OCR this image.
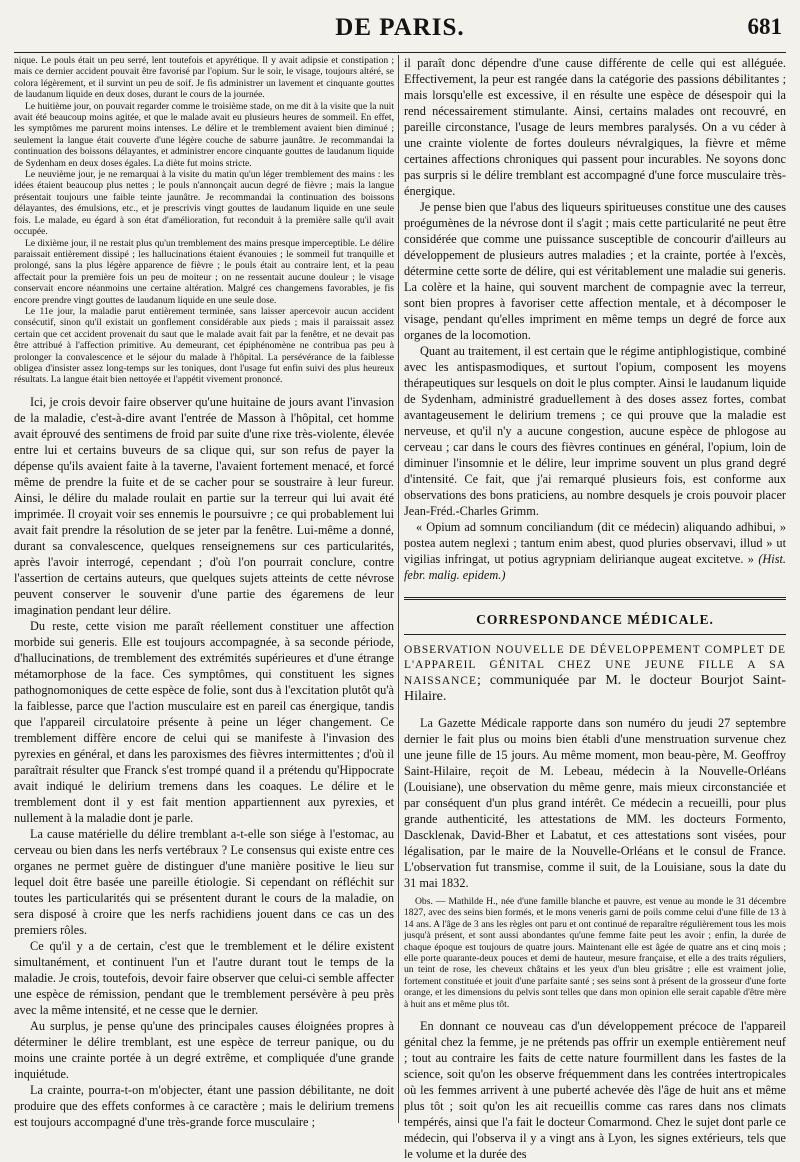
DE PARIS.	681

nique. Le pouls était un peu serré, lent toutefois et apyrétique. Il y avait adipsie et constipation ; mais ce dernier accident pouvait être favorisé par l'opium. Sur le soir, le visage, toujours altéré, se colora légèrement, et il survint un peu de soif. Je fis administrer un lavement et cinquante gouttes de laudanum liquide en deux doses, durant le cours de la journée.

Le huitième jour, on pouvait regarder comme le troisième stade, on me dit à la visite que la nuit avait été beaucoup moins agitée, et que le malade avait eu plusieurs heures de sommeil. En effet, les symptômes me parurent moins intenses. Le délire et le tremblement avaient bien diminué ; seulement la langue était couverte d'une légère couche de saburre jaunâtre. Je recommandai la continuation des boissons délayantes, et administrer encore cinquante gouttes de laudanum liquide de Sydenham en deux doses égales. La diète fut moins stricte.

Le neuvième jour, je ne remarquai à la visite du matin qu'un léger tremblement des mains : les idées étaient beaucoup plus nettes ; le pouls n'annonçait aucun degré de fièvre ; mais la langue présentait toujours une faible teinte jaunâtre. Je recommandai la continuation des boissons délayantes, des émulsions, etc., et je prescrivis vingt gouttes de laudanum liquide en une seule fois. Le malade, eu égard à son état d'amélioration, fut reconduit à la première salle qu'il avait occupée.

Le dixième jour, il ne restait plus qu'un tremblement des mains presque imperceptible. Le délire paraissait entièrement dissipé ; les hallucinations étaient évanouies ; le sommeil fut tranquille et prolongé, sans la plus légère apparence de fièvre ; le pouls était au contraire lent, et la peau affectait pour la première fois un peu de moiteur ; on ne ressentait aucune douleur ; le visage conservait encore néanmoins une certaine altération. Malgré ces changemens favorables, je fis encore prendre vingt gouttes de laudanum liquide en une seule dose.

Le 11e jour, la maladie parut entièrement terminée, sans laisser apercevoir aucun accident consécutif, sinon qu'il existait un gonflement considérable aux pieds ; mais il paraissait assez certain que cet accident provenait du saut que le malade avait fait par la fenêtre, et ne devait pas être attribué à l'affection primitive. Au demeurant, cet épiphénomène ne contribua pas peu à prolonger la convalescence et le séjour du malade à l'hôpital. La persévérance de la faiblesse obligea d'insister assez long-temps sur les toniques, dont l'usage fut enfin suivi des plus heureux résultats. La langue était bien nettoyée et l'appétit vivement prononcé.

Ici, je crois devoir faire observer qu'une huitaine de jours avant l'invasion de la maladie, c'est-à-dire avant l'entrée de Masson à l'hôpital, cet homme avait éprouvé des sentimens de froid par suite d'une rixe très-violente, élevée entre lui et certains buveurs de sa clique qui, sur son refus de payer la dépense qu'ils avaient faite à la taverne, l'avaient fortement menacé, et forcé même de prendre la fuite et de se cacher pour se soustraire à leur fureur. Ainsi, le délire du malade roulait en partie sur la terreur qui lui avait été imprimée. Il croyait voir ses ennemis le poursuivre ; ce qui probablement lui avait fait prendre la résolution de se jeter par la fenêtre. Lui-même a donné, durant sa convalescence, quelques renseignemens sur ces particularités, après l'avoir interrogé, cependant ; d'où l'on pourrait conclure, contre l'assertion de certains auteurs, que quelques sujets atteints de cette névrose peuvent conserver le souvenir d'une partie des égaremens de leur imagination pendant leur délire.

Du reste, cette vision me paraît réellement constituer une affection morbide sui generis. Elle est toujours accompagnée, à sa seconde période, d'hallucinations, de tremblement des extrémités supérieures et d'une étrange métamorphose de la face. Ces symptômes, qui constituent les signes pathognomoniques de cette espèce de folie, sont dus à l'excitation plutôt qu'à la faiblesse, parce que l'action musculaire est en pareil cas énergique, tandis que l'appareil circulatoire présente à peine un léger changement. Ce tremblement diffère encore de celui qui se manifeste à l'invasion des pyrexies en général, et dans les paroxismes des fièvres intermittentes ; d'où il paraîtrait résulter que Franck s'est trompé quand il a prétendu qu'Hippocrate avait indiqué le delirium tremens dans les coaques. Le délire et le tremblement dont il y est fait mention appartiennent aux pyrexies, et nullement à la maladie dont je parle.

La cause matérielle du délire tremblant a-t-elle son siége à l'estomac, au cerveau ou bien dans les nerfs vertébraux ? Le consensus qui existe entre ces organes ne permet guère de distinguer d'une manière positive le lieu sur lequel doit être basée une pareille étiologie. Si cependant on réfléchit sur toutes les particularités qui se présentent durant le cours de la maladie, on sera disposé à croire que les nerfs rachidiens jouent dans ce cas un des premiers rôles.

Ce qu'il y a de certain, c'est que le tremblement et le délire existent simultanément, et continuent l'un et l'autre durant tout le temps de la maladie. Je crois, toutefois, devoir faire observer que celui-ci semble affecter une espèce de rémission, pendant que le tremblement persévère à peu près avec la même intensité, et ne cesse que le dernier.

Au surplus, je pense qu'une des principales causes éloignées propres à déterminer le délire tremblant, est une espèce de terreur panique, ou du moins une crainte portée à un degré extrême, et compliquée d'une grande inquiétude.

La crainte, pourra-t-on m'objecter, étant une passion débilitante, ne doit produire que des effets conformes à ce caractère ; mais le delirium tremens est toujours accompagné d'une très-grande force musculaire ;

il paraît donc dépendre d'une cause différente de celle qui est alléguée. Effectivement, la peur est rangée dans la catégorie des passions débilitantes ; mais lorsqu'elle est excessive, il en résulte une espèce de désespoir qui la rend nécessairement stimulante. Ainsi, certains malades ont recouvré, en pareille circonstance, l'usage de leurs membres paralysés. On a vu céder à une crainte violente de fortes douleurs névralgiques, la fièvre et même certaines affections chroniques qui passent pour incurables. Ne soyons donc pas surpris si le délire tremblant est accompagné d'une force musculaire très-énergique.

Je pense bien que l'abus des liqueurs spiritueuses constitue une des causes proégumènes de la névrose dont il s'agit ; mais cette particularité ne peut être considérée que comme une puissance susceptible de concourir d'ailleurs au développement de plusieurs autres maladies ; et la crainte, portée à l'excès, détermine cette sorte de délire, qui est véritablement une maladie sui generis. La colère et la haine, qui souvent marchent de compagnie avec la terreur, sont bien propres à favoriser cette affection mentale, et à décomposer le visage, pendant qu'elles impriment en même temps un degré de force aux organes de la locomotion.

Quant au traitement, il est certain que le régime antiphlogistique, combiné avec les antispasmodiques, et surtout l'opium, composent les moyens thérapeutiques sur lesquels on doit le plus compter. Ainsi le laudanum liquide de Sydenham, administré graduellement à des doses assez fortes, combat avantageusement le delirium tremens ; ce qui prouve que la maladie est nerveuse, et qu'il n'y a aucune congestion, aucune espèce de phlogose au cerveau ; car dans le cours des fièvres continues en général, l'opium, loin de diminuer l'insomnie et le délire, leur imprime souvent un plus grand degré d'intensité. Ce fait, que j'ai remarqué plusieurs fois, est conforme aux observations des bons praticiens, au nombre desquels je crois pouvoir placer Jean-Fréd.-Charles Grimm.

« Opium ad somnum conciliandum (dit ce médecin) aliquando adhibui, » postea autem neglexi ; tantum enim abest, quod pluries observavi, illud » ut vigilias infringat, ut potius agrypniam delirianque augeat excitetve. » (Hist. febr. malig. epidem.)

CORRESPONDANCE MÉDICALE.

OBSERVATION NOUVELLE DE DÉVELOPPEMENT COMPLET DE L'APPAREIL GÉNITAL CHEZ UNE JEUNE FILLE A SA NAISSANCE; communiquée par M. le docteur Bourjot Saint-Hilaire.

La Gazette Médicale rapporte dans son numéro du jeudi 27 septembre dernier le fait plus ou moins bien établi d'une menstruation survenue chez une jeune fille de 15 jours. Au même moment, mon beau-père, M. Geoffroy Saint-Hilaire, reçoit de M. Lebeau, médecin à la Nouvelle-Orléans (Louisiane), une observation du même genre, mais mieux circonstanciée et par conséquent d'un plus grand intérêt. Ce médecin a recueilli, pour plus grande authenticité, les attestations de MM. les docteurs Formento, Dascklenak, David-Bher et Labatut, et ces attestations sont visées, pour légalisation, par le maire de la Nouvelle-Orléans et le consul de France. L'observation fut transmise, comme il suit, de la Louisiane, sous la date du 31 mai 1832.

Obs. — Mathilde H., née d'une famille blanche et pauvre, est venue au monde le 31 décembre 1827, avec des seins bien formés, et le mons veneris garni de poils comme celui d'une fille de 13 à 14 ans. A l'âge de 3 ans les règles ont paru et ont continué de reparaître régulièrement tous les mois jusqu'à présent, et sont aussi abondantes qu'une femme faite peut les avoir ; enfin, la durée de chaque époque est toujours de quatre jours. Maintenant elle est âgée de quatre ans et cinq mois ; elle porte quarante-deux pouces et demi de hauteur, mesure française, et elle a des traits réguliers, un teint de rose, les cheveux châtains et les yeux d'un bleu grisâtre ; elle est vraiment jolie, fortement constituée et jouit d'une parfaite santé ; ses seins sont à présent de la grosseur d'une forte orange, et les dimensions du pelvis sont telles que dans mon opinion elle serait capable d'être mère à huit ans et même plus tôt.

En donnant ce nouveau cas d'un développement précoce de l'appareil génital chez la femme, je ne prétends pas offrir un exemple entièrement neuf ; tout au contraire les faits de cette nature fourmillent dans les fastes de la science, soit qu'on les observe fréquemment dans les contrées intertropicales où les femmes arrivent à une puberté achevée dès l'âge de huit ans et même plus tôt ; soit qu'on les ait recueillis comme cas rares dans nos climats tempérés, ainsi que l'a fait le docteur Comarmond. Chez le sujet dont parle ce médecin, qui l'observa il y a vingt ans à Lyon, les signes extérieurs, tels que le volume et la durée des
